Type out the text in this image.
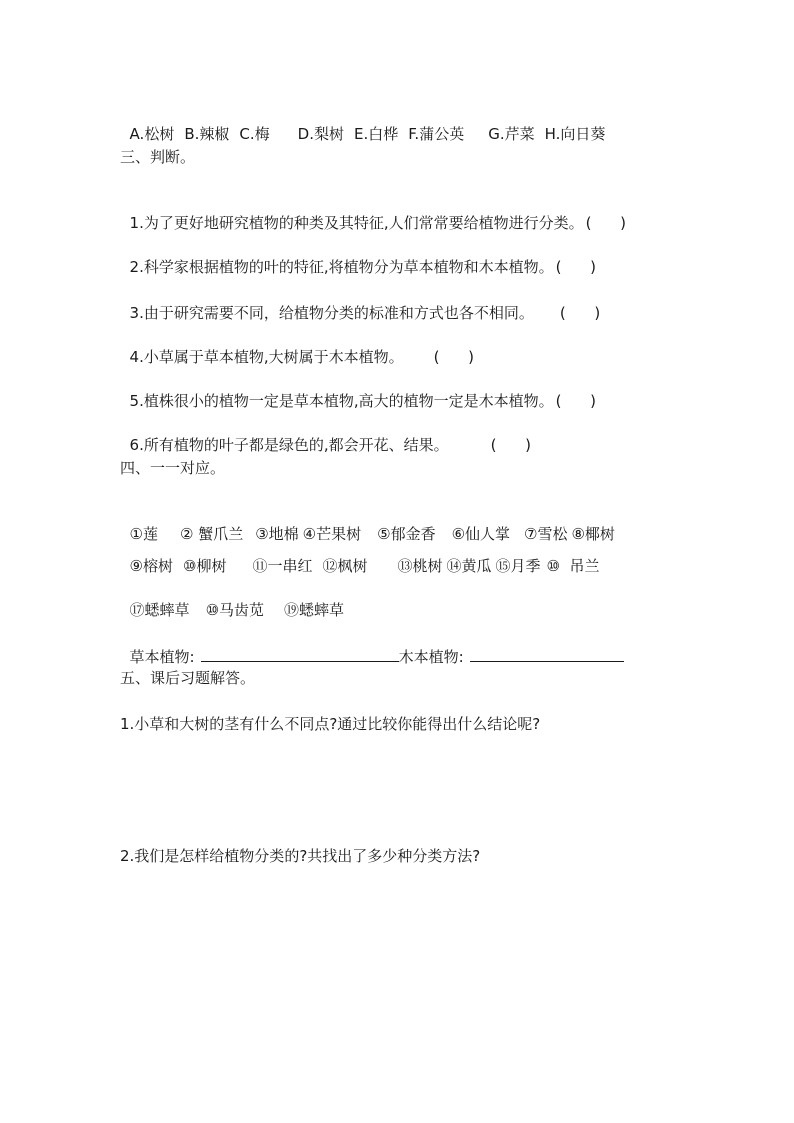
A.松树 B.辣椒 C.梅 D.梨树 E.白桦 F.蒲公英 G.芹菜 H.向日葵

三、判断。

1.为了更好地研究植物的种类及其特征,人们常常要给植物进行分类。 (      )

2.科学家根据植物的叶的特征,将植物分为草本植物和木本植物。 (      )

3.由于研究需要不同，给植物分类的标准和方式也各不相同。 (      )

4.小草属于草本植物,大树属于木本植物。 (      )

5.植株很小的植物一定是草本植物,高大的植物一定是木本植物。 (      )

6.所有植物的叶子都是绿色的,都会开花、结果。	(      )

四、一一对应。

①莲 ② 蟹爪兰 ③地棉 ④芒果树 ⑤郁金香 ⑥仙人掌 ⑦雪松 ⑧椰树

⑨榕树 ⑩柳树 ⑪一串红 ⑫枫树 ⑬桃树 ⑭黄瓜 ⑮月季 ⑩  吊兰

⑰蟋蟀草 ⑩马齿苋 ⑲蟋蟀草

草本植物:	木本植物:

五、课后习题解答。
1.小草和大树的茎有什么不同点?通过比较你能得出什么结论呢?
2.我们是怎样给植物分类的?共找出了多少种分类方法?
